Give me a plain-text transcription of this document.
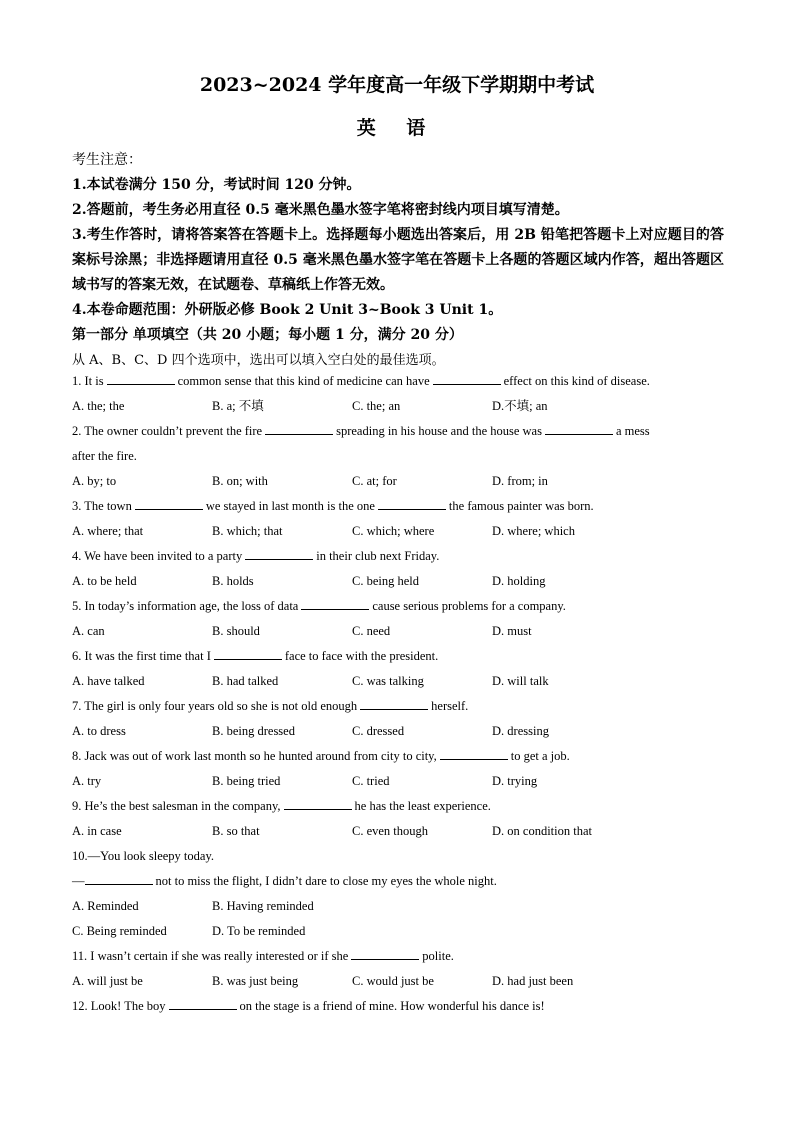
2023~2024 学年度高一年级下学期期中考试
英 语
考生注意：
1.本试卷满分 150 分，考试时间 120 分钟。
2.答题前，考生务必用直径 0.5 毫米黑色墨水签字笔将密封线内项目填写清楚。
3.考生作答时，请将答案答在答题卡上。选择题每小题选出答案后，用 2B 铅笔把答题卡上对应题目的答案标号涂黑；非选择题请用直径 0.5 毫米黑色墨水签字笔在答题卡上各题的答题区域内作答，超出答题区域书写的答案无效，在试题卷、草稿纸上作答无效。
4.本卷命题范围：外研版必修 Book 2 Unit 3~Book 3 Unit 1。
第一部分 单项填空（共 20 小题；每小题 1 分，满分 20 分）
从 A、B、C、D 四个选项中，选出可以填入空白处的最佳选项。
1. It is	common sense that this kind of medicine can have	effect on this kind of disease.
A. the; the	B. a; 不填	C. the; an	D.不填; an
2. The owner couldn’t prevent the fire	spreading in his house and the house was	a mess
after the fire.
A. by; to	B. on; with	C. at; for	D. from; in
3. The town	we stayed in last month is the one	the famous painter was born.
A. where; that	B. which; that	C. which; where	D. where; which
4. We have been invited to a party	in their club next Friday.
A. to be held	B. holds	C. being held	D. holding
5. In today’s information age, the loss of data	cause serious problems for a company.
A. can	B. should	C. need	D. must
6. It was the first time that I	face to face with the president.
A. have talked	B. had talked	C. was talking	D. will talk
7. The girl is only four years old so she is not old enough	herself.
A. to dress	B. being dressed	C. dressed	D. dressing
8. Jack was out of work last month so he hunted around from city to city,	to get a job.
A. try	B. being tried	C. tried	D. trying
9. He’s the best salesman in the company,	he has the least experience.
A. in case	B. so that	C. even though	D. on condition that
10.—You look sleepy today.
—	not to miss the flight, I didn’t dare to close my eyes the whole night.
A. Reminded	B. Having reminded
C. Being reminded	D. To be reminded
11. I wasn’t certain if she was really interested or if she	polite.
A. will just be	B. was just being	C. would just be	D. had just been
12. Look! The boy	on the stage is a friend of mine. How wonderful his dance is!
